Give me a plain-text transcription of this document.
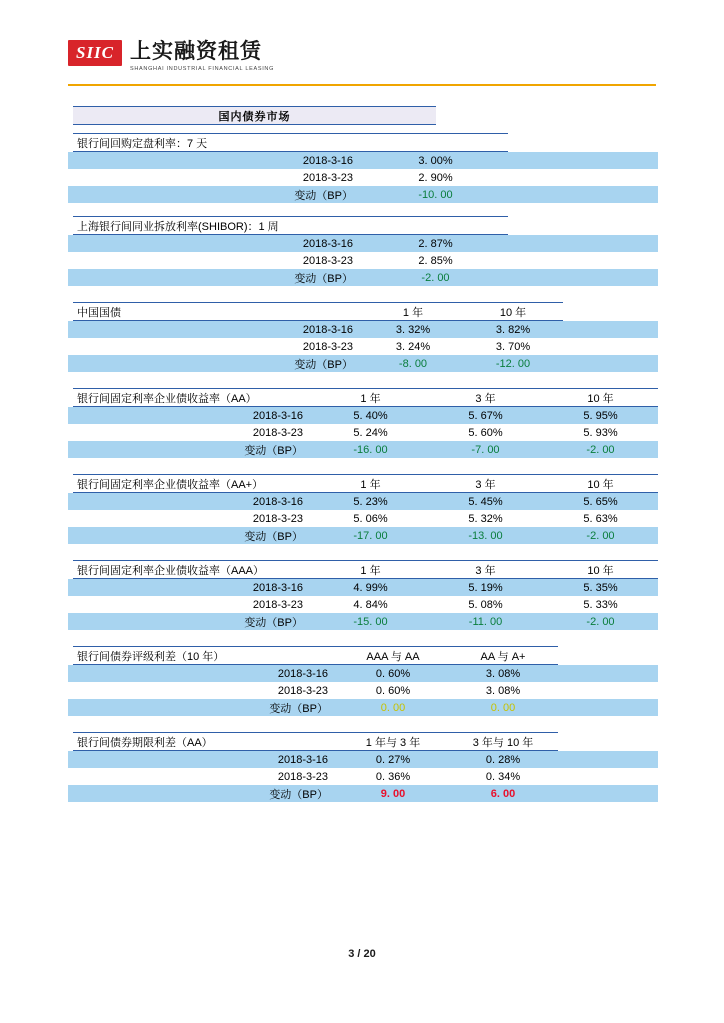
SIIC 上实融资租赁
SHANGHAI INDUSTRIAL FINANCIAL LEASING
	国内债券市场	
	银行间回购定盘利率：7 天		
	2018-3-16	3. 00%	
	2018-3-23	2. 90%	
	变动（BP）	-10. 00	
	上海银行间同业拆放利率(SHIBOR)：1 周		
	2018-3-16	2. 87%	
	2018-3-23	2. 85%	
	变动（BP）	-2. 00	
	中国国债	1 年	10 年	
	2018-3-16	3. 32%	3. 82%	
	2018-3-23	3. 24%	3. 70%	
	变动（BP）	-8. 00	-12. 00	
	银行间固定利率企业债收益率（AA）	1 年	3 年	10 年
	2018-3-16	5. 40%	5. 67%	5. 95%
	2018-3-23	5. 24%	5. 60%	5. 93%
	变动（BP）	-16. 00	-7. 00	-2. 00
	银行间固定利率企业债收益率（AA+）	1 年	3 年	10 年
	2018-3-16	5. 23%	5. 45%	5. 65%
	2018-3-23	5. 06%	5. 32%	5. 63%
	变动（BP）	-17. 00	-13. 00	-2. 00
	银行间固定利率企业债收益率（AAA）	1 年	3 年	10 年
	2018-3-16	4. 99%	5. 19%	5. 35%
	2018-3-23	4. 84%	5. 08%	5. 33%
	变动（BP）	-15. 00	-11. 00	-2. 00
	银行间债券评级利差（10 年）	AAA 与 AA	AA 与 A+	
	2018-3-16	0. 60%	3. 08%	
	2018-3-23	0. 60%	3. 08%	
	变动（BP）	0. 00	0. 00	
	银行间债券期限利差（AA）	1 年与 3 年	3 年与 10 年	
	2018-3-16	0. 27%	0. 28%	
	2018-3-23	0. 36%	0. 34%	
	变动（BP）	9. 00	6. 00	
3 / 20
